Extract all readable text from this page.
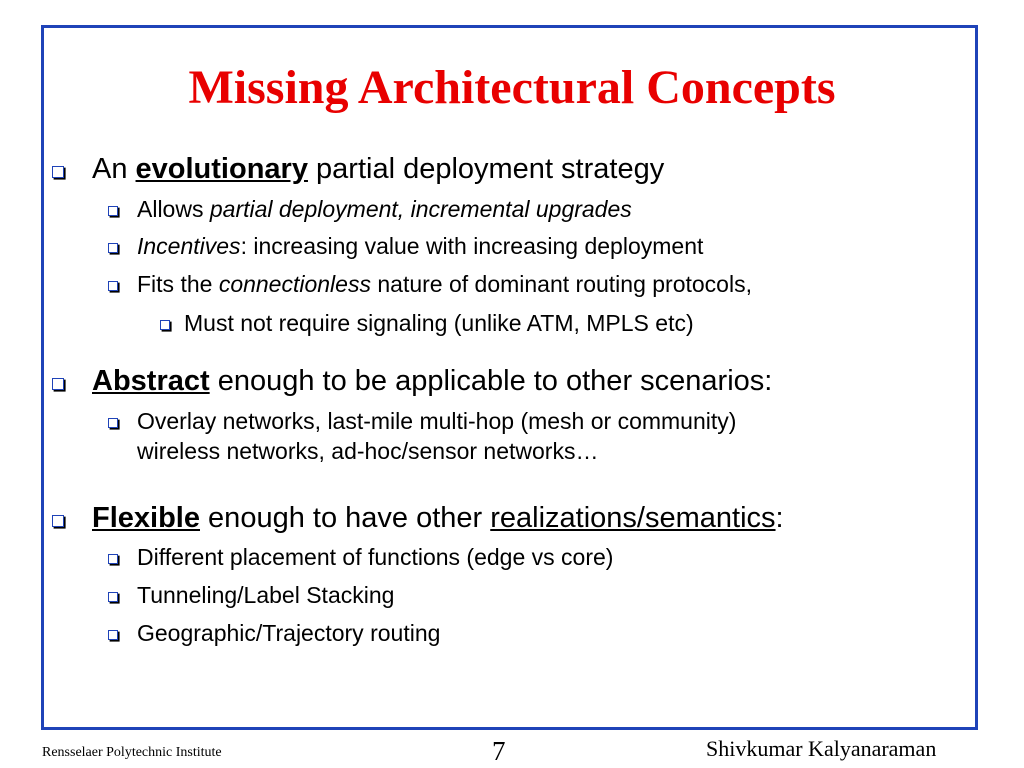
Missing Architectural Concepts

An evolutionary partial deployment strategy

Allows partial deployment, incremental upgrades

Incentives: increasing value with increasing deployment

Fits the connectionless nature of dominant routing protocols,

Must not require signaling (unlike ATM, MPLS etc)

Abstract enough to be applicable to other scenarios:

Overlay networks, last-mile multi-hop (mesh or community)
wireless networks, ad-hoc/sensor networks…

Flexible enough to have other realizations/semantics:

Different placement of functions (edge vs core)

Tunneling/Label Stacking

Geographic/Trajectory routing

Rensselaer Polytechnic Institute	7	Shivkumar Kalyanaraman
